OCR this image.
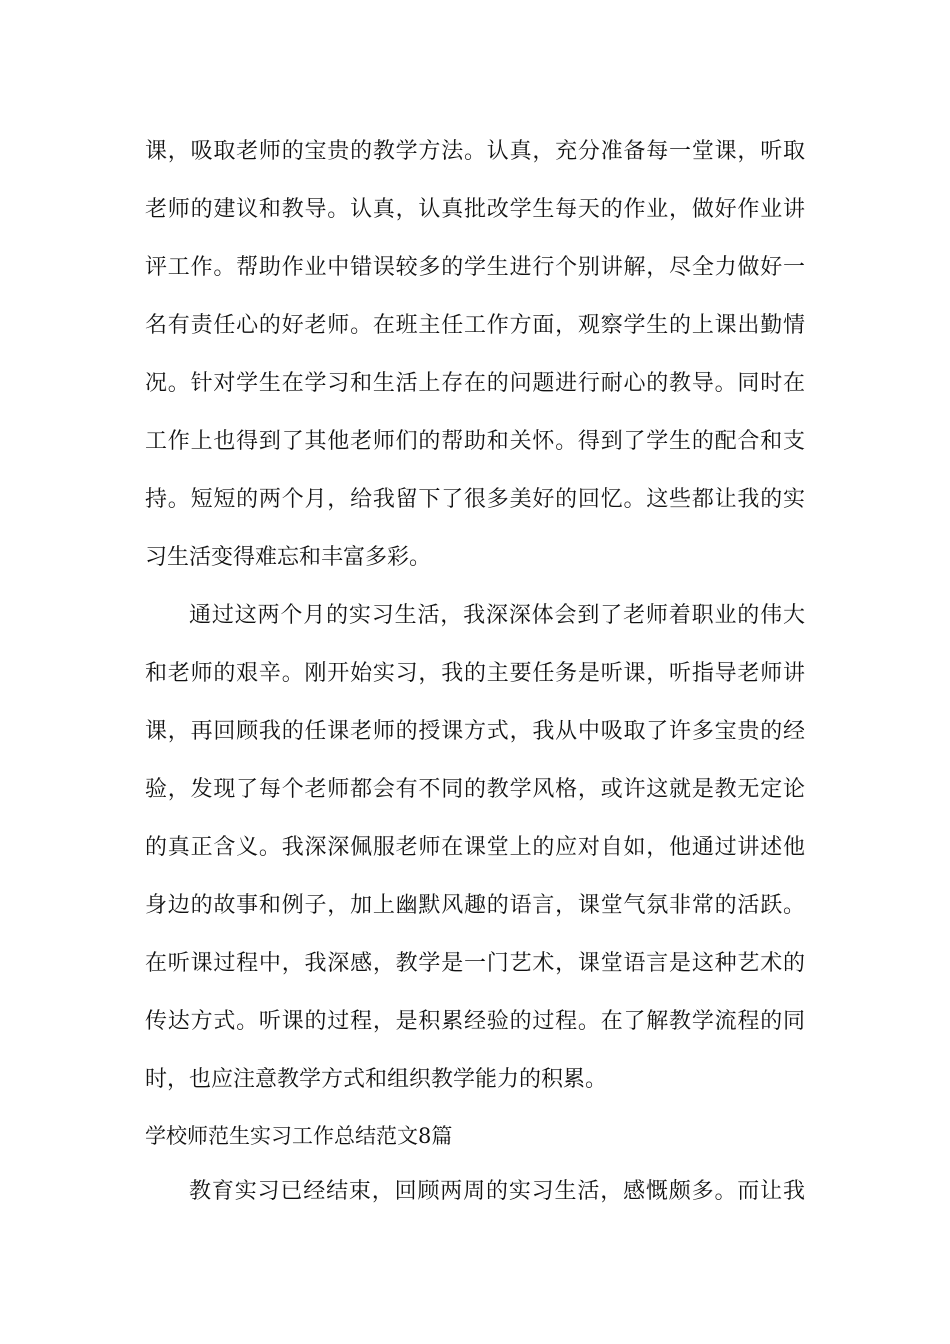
课，吸取老师的宝贵的教学方法。认真，充分准备每一堂课，听取
老师的建议和教导。认真，认真批改学生每天的作业，做好作业讲
评工作。帮助作业中错误较多的学生进行个别讲解，尽全力做好一
名有责任心的好老师。在班主任工作方面，观察学生的上课出勤情
况。针对学生在学习和生活上存在的问题进行耐心的教导。同时在
工作上也得到了其他老师们的帮助和关怀。得到了学生的配合和支
持。短短的两个月，给我留下了很多美好的回忆。这些都让我的实
习生活变得难忘和丰富多彩。
通过这两个月的实习生活，我深深体会到了老师着职业的伟大
和老师的艰辛。刚开始实习，我的主要任务是听课，听指导老师讲
课，再回顾我的任课老师的授课方式，我从中吸取了许多宝贵的经
验，发现了每个老师都会有不同的教学风格，或许这就是教无定论
的真正含义。我深深佩服老师在课堂上的应对自如，他通过讲述他
身边的故事和例子，加上幽默风趣的语言，课堂气氛非常的活跃。
在听课过程中，我深感，教学是一门艺术，课堂语言是这种艺术的
传达方式。听课的过程，是积累经验的过程。在了解教学流程的同
时，也应注意教学方式和组织教学能力的积累。
学校师范生实习工作总结范文8篇
教育实习已经结束，回顾两周的实习生活，感慨颇多。而让我
